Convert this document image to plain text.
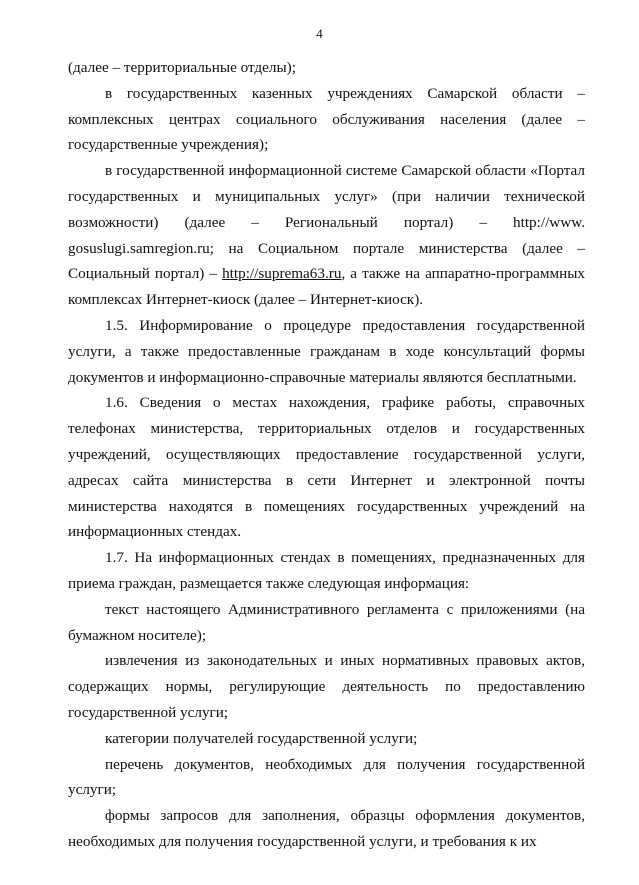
4

(далее – территориальные отделы);

в государственных казенных учреждениях Самарской области – комплексных центрах социального обслуживания населения (далее – государственные учреждения);

в государственной информационной системе Самарской области «Портал государственных и муниципальных услуг» (при наличии технической возможности) (далее – Региональный портал) – http://www. gosuslugi.samregion.ru; на Социальном портале министерства (далее – Социальный портал) – http://suprema63.ru, а также на аппаратно-программных комплексах Интернет-киоск (далее – Интернет-киоск).

1.5. Информирование о процедуре предоставления государственной услуги, а также предоставленные гражданам в ходе консультаций формы документов и информационно-справочные материалы являются бесплатными.

1.6. Сведения о местах нахождения, графике работы, справочных телефонах министерства, территориальных отделов и государственных учреждений, осуществляющих предоставление государственной услуги, адресах сайта министерства в сети Интернет и электронной почты министерства находятся в помещениях государственных учреждений на информационных стендах.

1.7. На информационных стендах в помещениях, предназначенных для приема граждан, размещается также следующая информация:

текст настоящего Административного регламента с приложениями (на бумажном носителе);

извлечения из законодательных и иных нормативных правовых актов, содержащих нормы, регулирующие деятельность по предоставлению государственной услуги;

категории получателей государственной услуги;

перечень документов, необходимых для получения государственной услуги;

формы запросов для заполнения, образцы оформления документов, необходимых для получения государственной услуги, и требования к их
